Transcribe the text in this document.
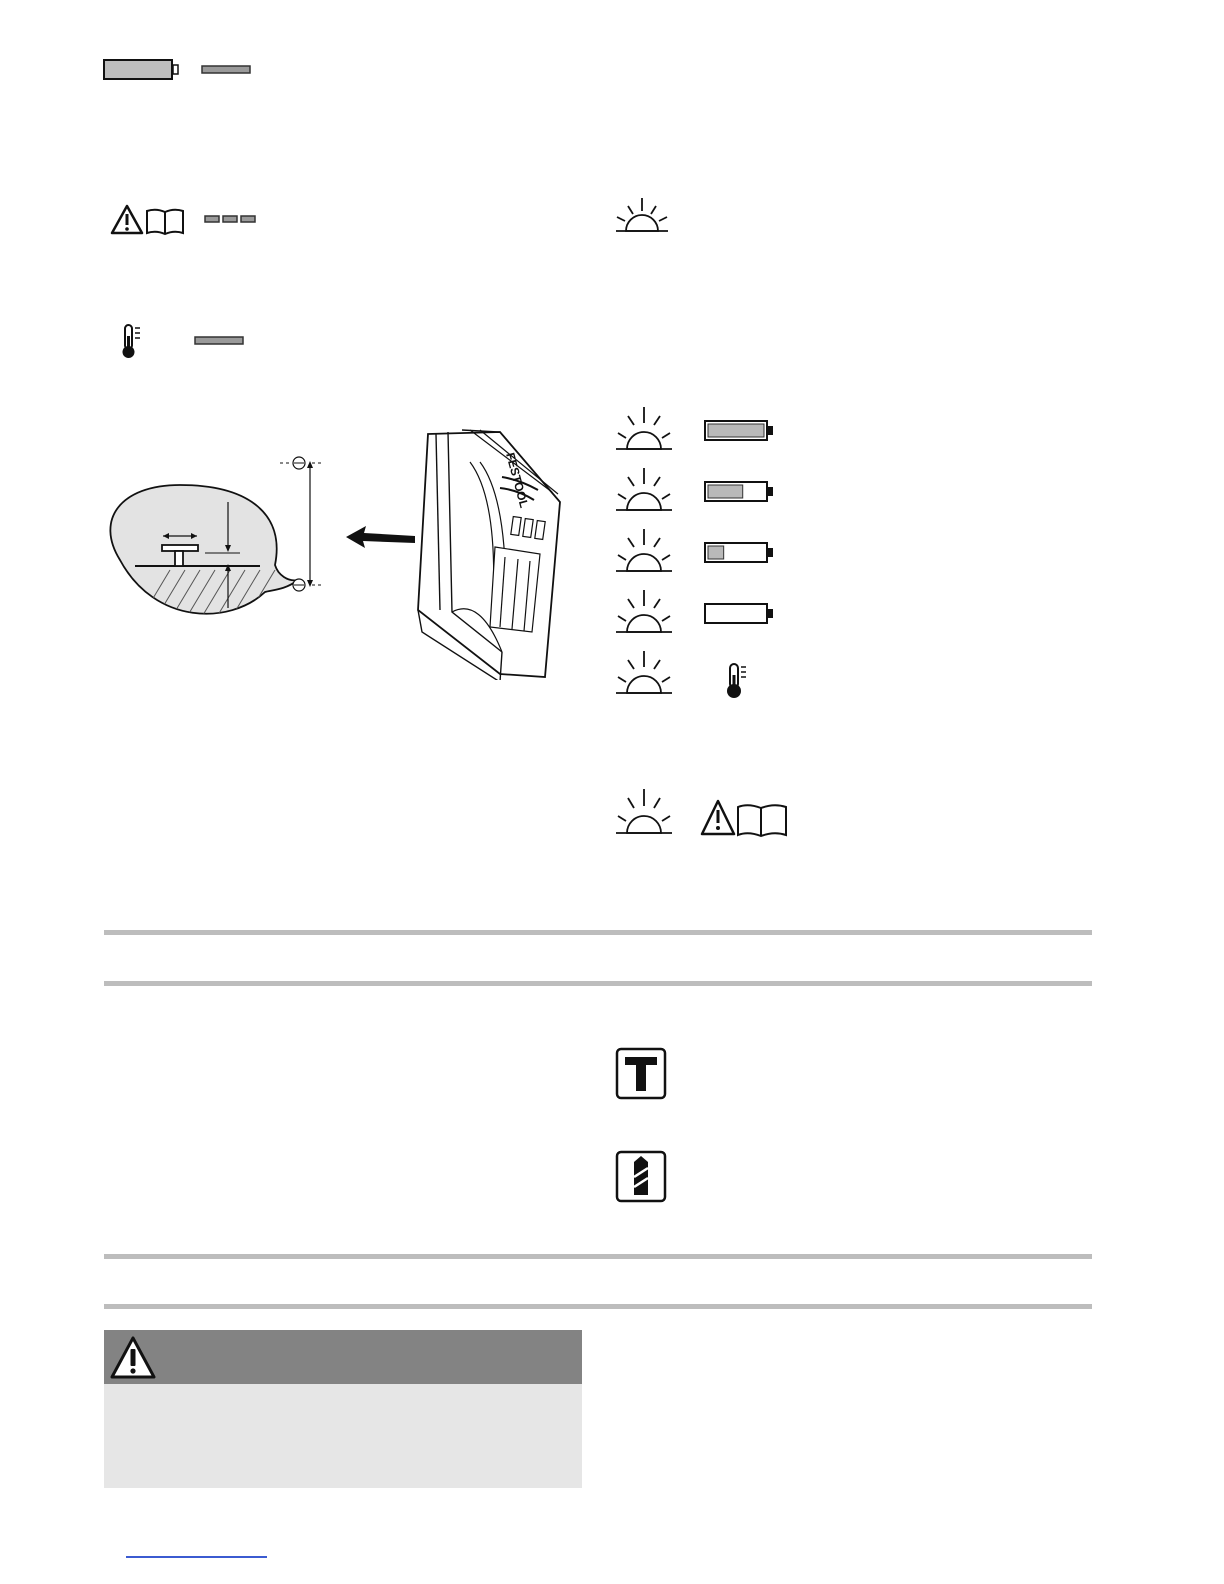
FESTOOL
